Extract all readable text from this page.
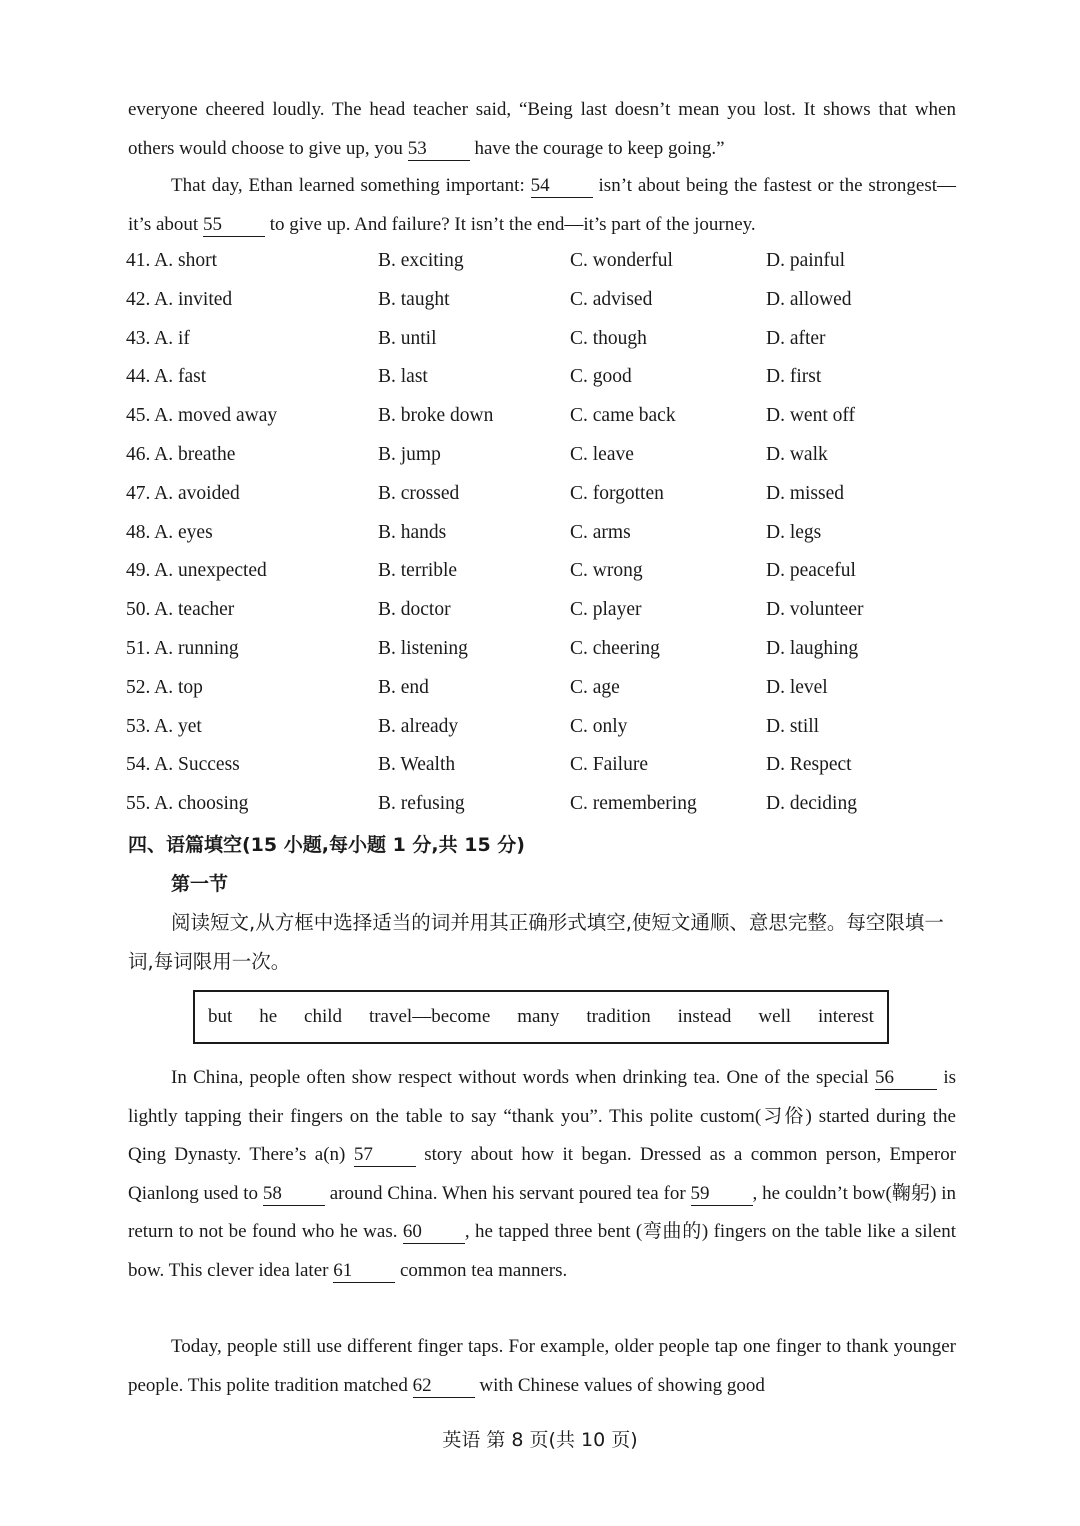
everyone cheered loudly. The head teacher said, “Being last doesn’t mean you lost. It shows that when others would choose to give up, you 53	have the courage to keep going.”
That day, Ethan learned something important: 54	isn’t about being the fastest or the strongest—it’s about 55	to give up. And failure? It isn’t the end—it’s part of the journey.
41. A. short	B. exciting	C. wonderful	D. painful
42. A. invited	B. taught	C. advised	D. allowed
43. A. if	B. until	C. though	D. after
44. A. fast	B. last	C. good	D. first
45. A. moved away	B. broke down	C. came back	D. went off
46. A. breathe	B. jump	C. leave	D. walk
47. A. avoided	B. crossed	C. forgotten	D. missed
48. A. eyes	B. hands	C. arms	D. legs
49. A. unexpected	B. terrible	C. wrong	D. peaceful
50. A. teacher	B. doctor	C. player	D. volunteer
51. A. running	B. listening	C. cheering	D. laughing
52. A. top	B. end	C. age	D. level
53. A. yet	B. already	C. only	D. still
54. A. Success	B. Wealth	C. Failure	D. Respect
55. A. choosing	B. refusing	C. remembering	D. deciding
四、语篇填空(15 小题,每小题 1 分,共 15 分)
第一节
阅读短文,从方框中选择适当的词并用其正确形式填空,使短文通顺、意思完整。每空限填一词,每词限用一次。
but he child travel—become many tradition instead well interest
In China, people often show respect without words when drinking tea. One of the special 56	is lightly tapping their fingers on the table to say “thank you”. This polite custom(习俗) started during the Qing Dynasty. There’s a(n) 57	story about how it began. Dressed as a common person, Emperor Qianlong used to 58	around China. When his servant poured tea for 59 , he couldn’t bow(鞠躬) in return to not be found who he was. 60 , he tapped three bent (弯曲的) fingers on the table like a silent bow. This clever idea later 61	common tea manners.
Today, people still use different finger taps. For example, older people tap one finger to thank younger people. This polite tradition matched 62	with Chinese values of showing good
英语 第 8 页(共 10 页)
